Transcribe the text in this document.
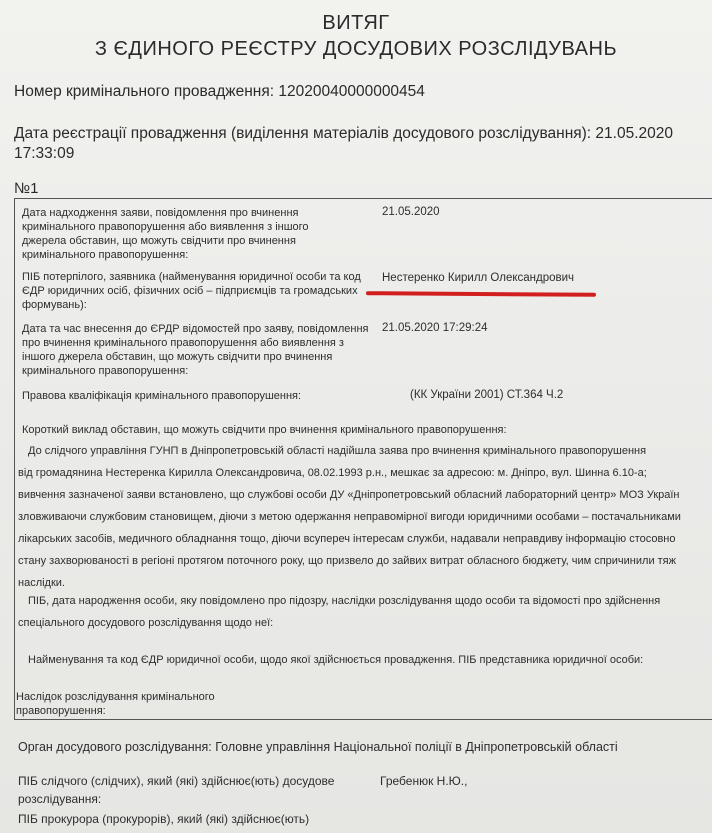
ВИТЯГ
З ЄДИНОГО РЕЄСТРУ ДОСУДОВИХ РОЗСЛІДУВАНЬ
Номер кримінального провадження: 12020040000000454
Дата реєстрації провадження (виділення матеріалів досудового розслідування): 21.05.2020
17:33:09
№1
Дата надходження заяви, повідомлення про вчинення кримінального правопорушення або виявлення з іншого джерела обставин, що можуть свідчити про вчинення кримінального правопорушення:
21.05.2020
ПІБ потерпілого, заявника (найменування юридичної особи та код ЄДР юридичних осіб, фізичних осіб – підприємців та громадських формувань):
Нестеренко Кирилл Олександрович
Дата та час внесення до ЄРДР відомостей про заяву, повідомлення про вчинення кримінального правопорушення або виявлення з іншого джерела обставин, що можуть свідчити про вчинення кримінального правопорушення:
21.05.2020 17:29:24
Правова кваліфікація кримінального правопорушення:	(КК України 2001) СТ.364 Ч.2
Короткий виклад обставин, що можуть свідчити про вчинення кримінального правопорушення:
До слідчого управління ГУНП в Дніпропетровській області надійшла заява про вчинення кримінального правопорушення
від громадянина Нестеренка Кирилла Олександровича, 08.02.1993 р.н., мешкає за адресою: м. Дніпро, вул. Шинна 6.10-а;
вивчення зазначеної заяви встановлено, що службові особи ДУ «Дніпропетровський обласний лабораторний центр» МОЗ Україн
зловживаючи службовим становищем, діючи з метою одержання неправомірної вигоди юридичними особами – постачальниками
лікарських засобів, медичного обладнання тощо, діючи всупереч інтересам служби, надавали неправдиву інформацію стосовно
стану захворюваності в регіоні протягом поточного року, що призвело до зайвих витрат обласного бюджету, чим спричинили тяж
наслідки.
ПІБ, дата народження особи, яку повідомлено про підозру, наслідки розслідування щодо особи та відомості про здійснення
спеціального досудового розслідування щодо неї:
Найменування та код ЄДР юридичної особи, щодо якої здійснюється провадження. ПІБ представника юридичної особи:
Наслідок розслідування кримінального
правопорушення:
Орган досудового розслідування: Головне управління Національної поліції в Дніпропетровській області
ПІБ слідчого (слідчих), який (які) здійснює(ють) досудове
розслідування:
Гребенюк Н.Ю.,
ПІБ прокурора (прокурорів), який (які) здійснює(ють)
